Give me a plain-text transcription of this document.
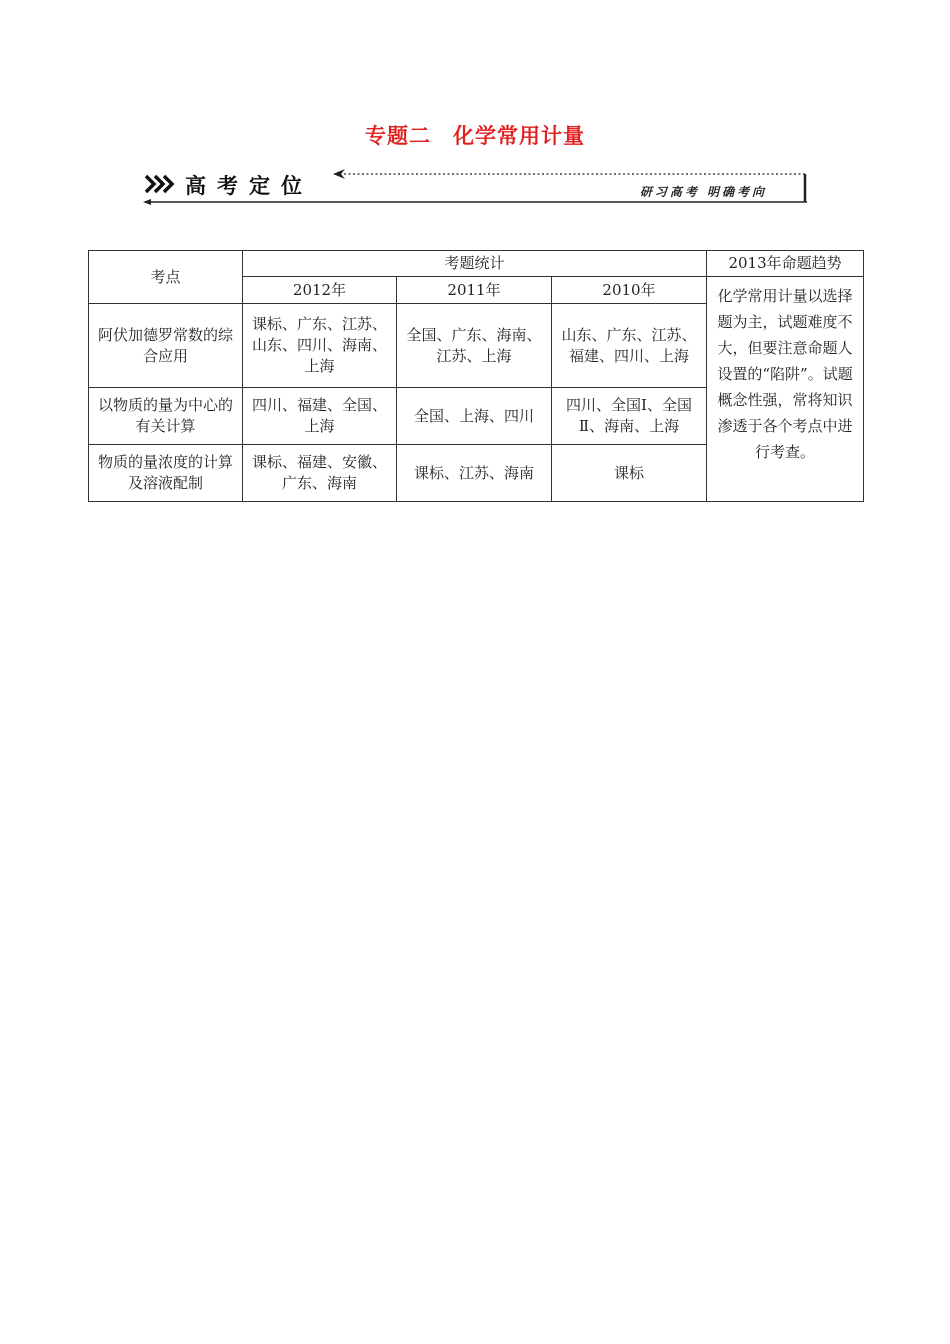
专题二　化学常用计量
高考定位	研习高考 明确考向
考点	考题统计			2013年命题趋势
	2012年	2011年	2010年	化学常用计量以选择题为主，试题难度不大，但要注意命题人设置的“陷阱”。试题概念性强，常将知识渗透于各个考点中进行考查。
阿伏加德罗常数的综合应用	课标、广东、江苏、山东、四川、海南、上海	全国、广东、海南、江苏、上海	山东、广东、江苏、福建、四川、上海	
以物质的量为中心的有关计算	四川、福建、全国、上海	全国、上海、四川	四川、全国Ⅰ、全国Ⅱ、海南、上海	
物质的量浓度的计算及溶液配制	课标、福建、安徽、广东、海南	课标、江苏、海南	课标	
